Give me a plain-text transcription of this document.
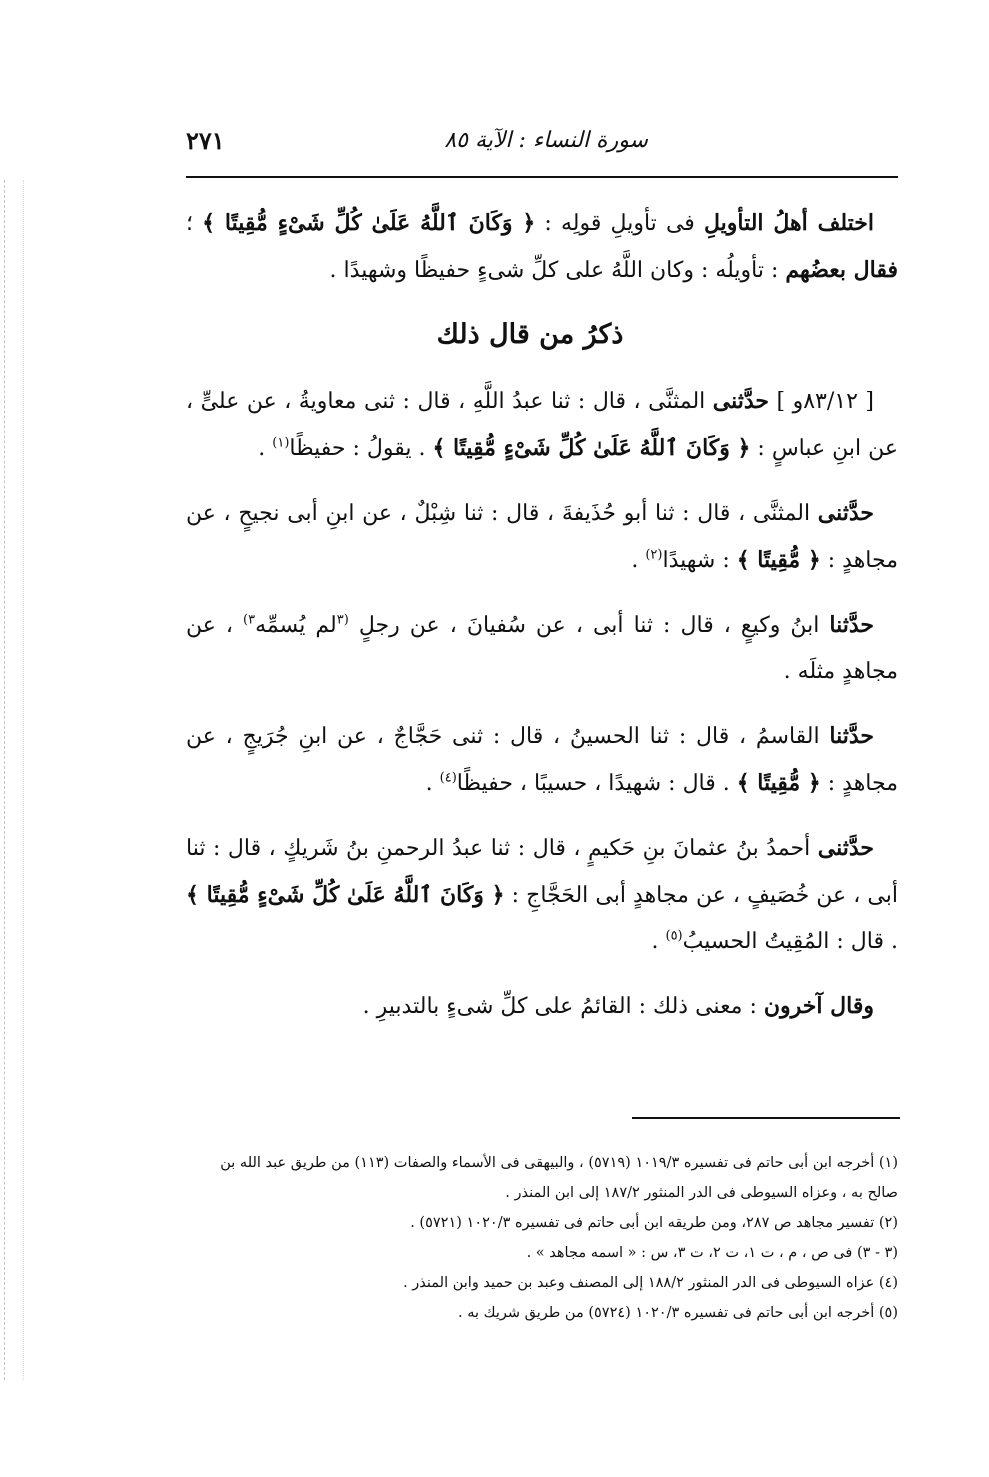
سورة النساء : الآية ٨٥
٢٧١

اختلف أهلُ التأويلِ فى تأويلِ قولِه : ﴿ وَكَانَ ٱللَّهُ عَلَىٰ كُلِّ شَىْءٍ مُّقِيتًا ﴾ ؛ فقال بعضُهم : تأويلُه : وكان اللَّهُ على كلِّ شىءٍ حفيظًا وشهيدًا .

ذكرُ من قال ذلك

[ ٨٣/١٢و ] حدَّثنى المثنَّى ، قال : ثنا عبدُ اللَّهِ ، قال : ثنى معاويةُ ، عن علىٍّ ، عن ابنِ عباسٍ : ﴿ وَكَانَ ٱللَّهُ عَلَىٰ كُلِّ شَىْءٍ مُّقِيتًا ﴾ . يقولُ : حفيظًا$^{(١)}$ .

حدَّثنى المثنَّى ، قال : ثنا أبو حُذَيفةَ ، قال : ثنا شِبْلٌ ، عن ابنِ أبى نجيحٍ ، عن مجاهدٍ : ﴿ مُّقِيتًا ﴾ : شهيدًا$^{(٢)}$ .

حدَّثنا ابنُ وكيعٍ ، قال : ثنا أبى ، عن سُفيانَ ، عن رجلٍ $^{(٣}$لم يُسمِّه$^{٣)}$ ، عن مجاهدٍ مثلَه .

حدَّثنا القاسمُ ، قال : ثنا الحسينُ ، قال : ثنى حَجَّاجٌ ، عن ابنِ جُرَيجٍ ، عن مجاهدٍ : ﴿ مُّقِيتًا ﴾ . قال : شهيدًا ، حسيبًا ، حفيظًا$^{(٤)}$ .

حدَّثنى أحمدُ بنُ عثمانَ بنِ حَكيمٍ ، قال : ثنا عبدُ الرحمنِ بنُ شَريكٍ ، قال : ثنا أبى ، عن خُصَيفٍ ، عن مجاهدٍ أبى الحَجَّاجِ : ﴿ وَكَانَ ٱللَّهُ عَلَىٰ كُلِّ شَىْءٍ مُّقِيتًا ﴾ . قال : المُقِيتُ الحسيبُ$^{(٥)}$ .

وقال آخرون : معنى ذلك : القائمُ على كلِّ شىءٍ بالتدبيرِ .

(١) أخرجه ابن أبى حاتم فى تفسيره ١٠١٩/٣ (٥٧١٩) ، والبيهقى فى الأسماء والصفات (١١٣) من طريق عبد الله بن صالح به ، وعزاه السيوطى فى الدر المنثور ١٨٧/٢ إلى ابن المنذر .

(٢) تفسير مجاهد ص ٢٨٧، ومن طريقه ابن أبى حاتم فى تفسيره ١٠٢٠/٣ (٥٧٢١) .

(٣ - ٣) فى ص ، م ، ت ١، ت ٢، ت ٣، س : « اسمه مجاهد » .

(٤) عزاه السيوطى فى الدر المنثور ١٨٨/٢ إلى المصنف وعبد بن حميد وابن المنذر .

(٥) أخرجه ابن أبى حاتم فى تفسيره ١٠٢٠/٣ (٥٧٢٤) من طريق شريك به .
